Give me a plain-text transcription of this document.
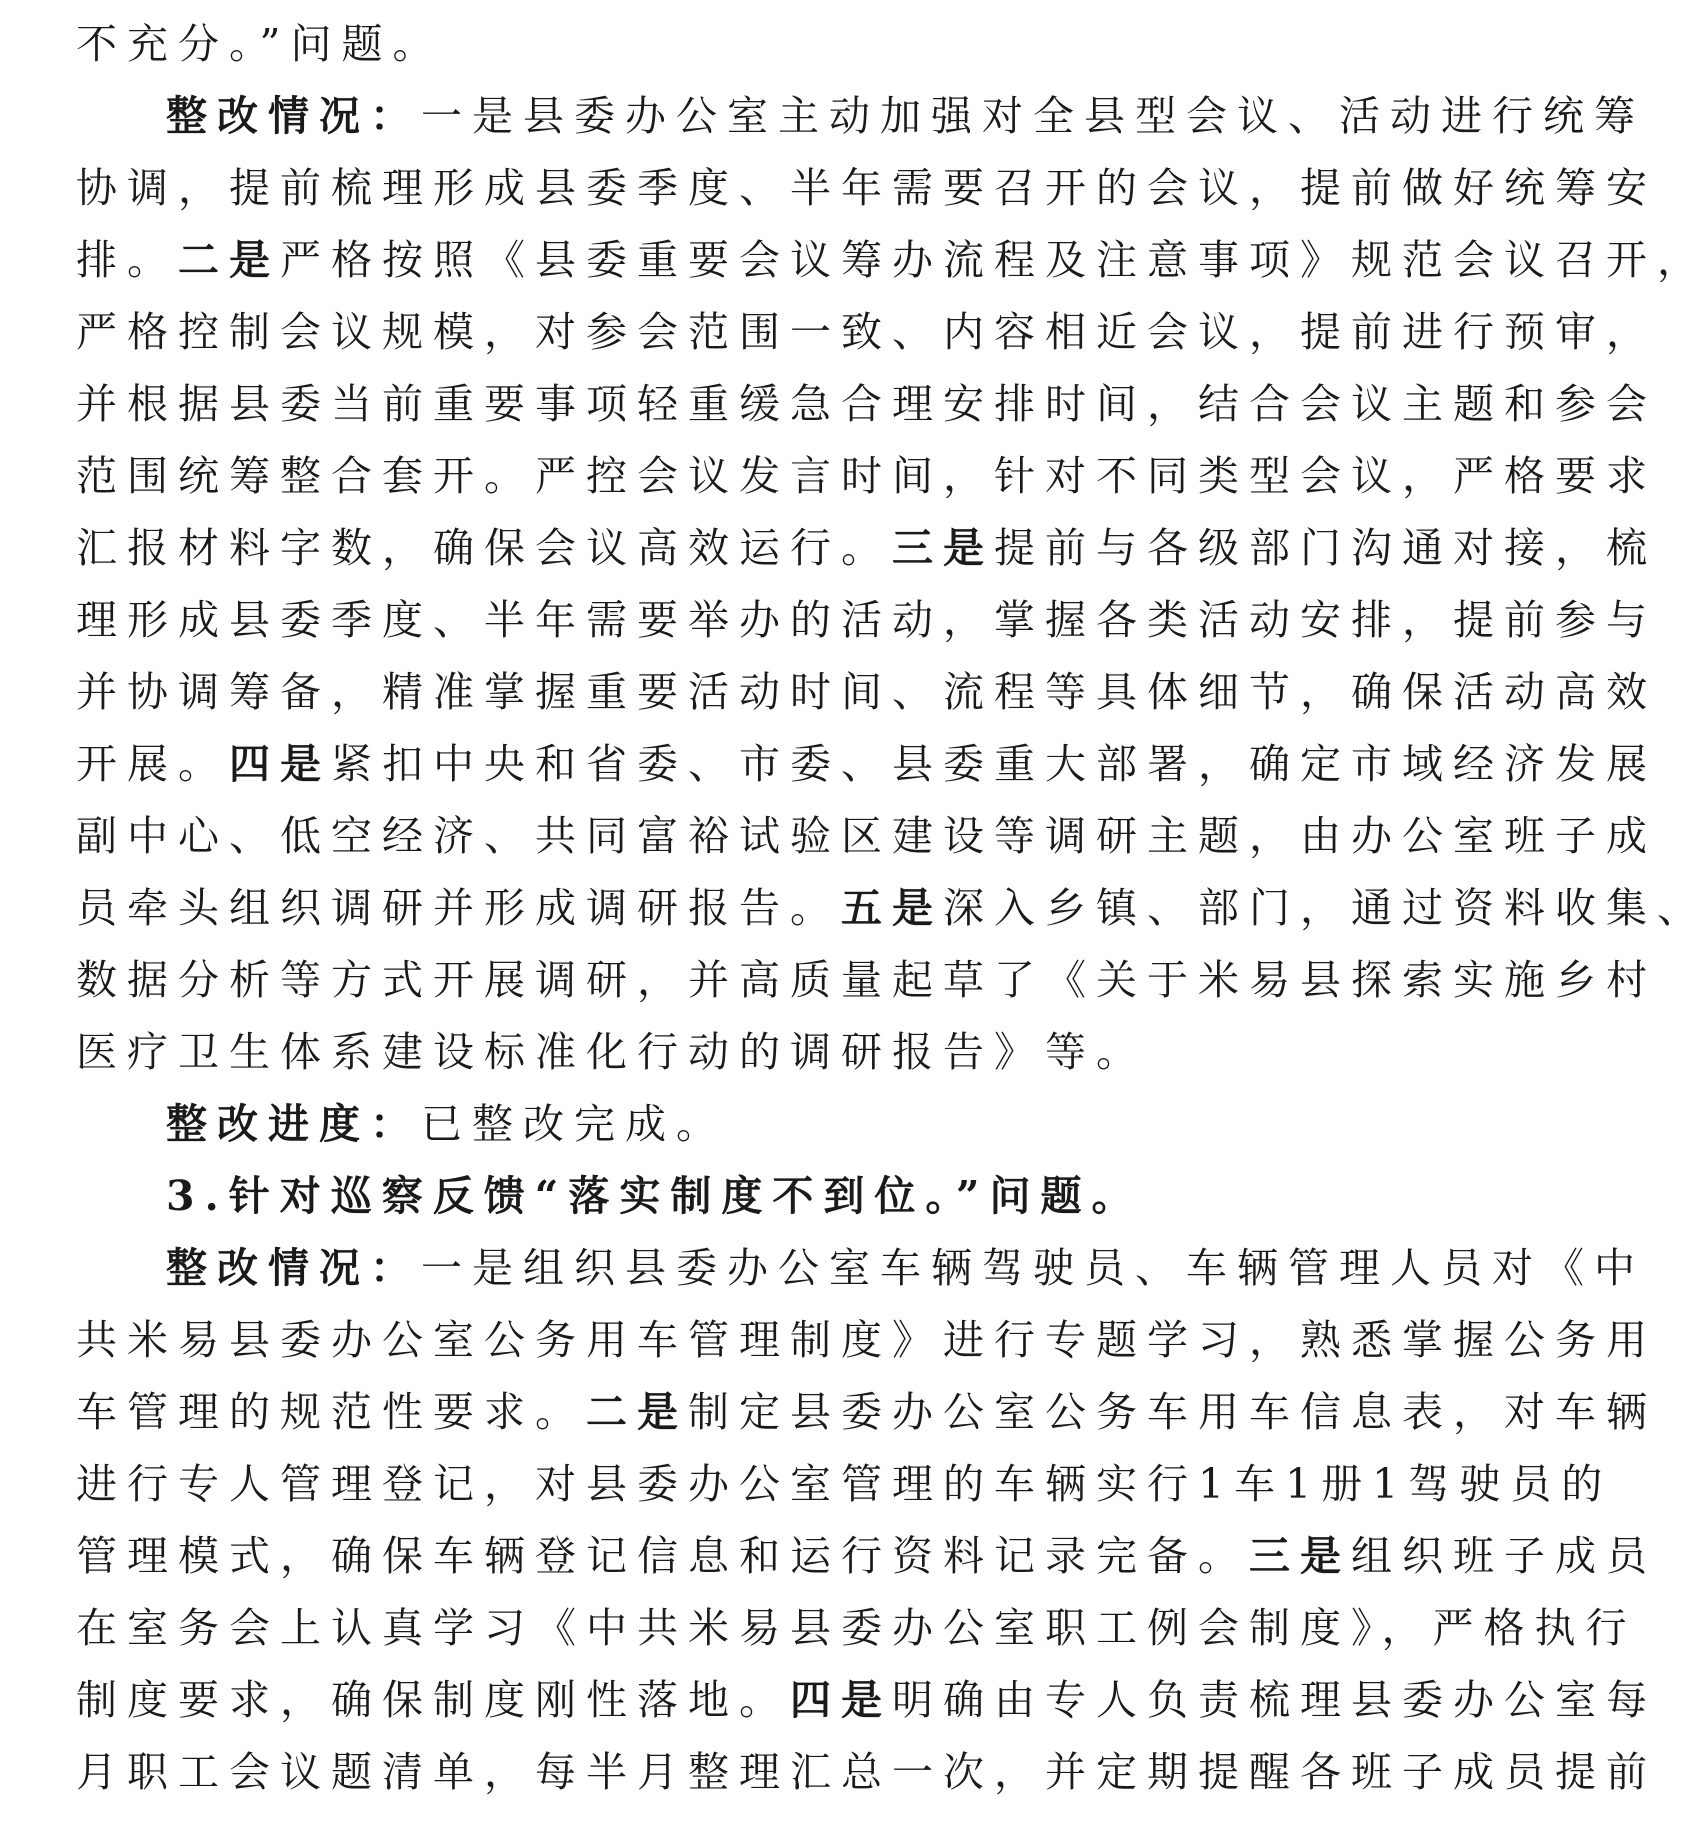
不充分。”问题。
整改情况：一是县委办公室主动加强对全县型会议、活动进行统筹
协调，提前梳理形成县委季度、半年需要召开的会议，提前做好统筹安
排。二是严格按照《县委重要会议筹办流程及注意事项》规范会议召开，
严格控制会议规模，对参会范围一致、内容相近会议，提前进行预审，
并根据县委当前重要事项轻重缓急合理安排时间，结合会议主题和参会
范围统筹整合套开。严控会议发言时间，针对不同类型会议，严格要求
汇报材料字数，确保会议高效运行。三是提前与各级部门沟通对接，梳
理形成县委季度、半年需要举办的活动，掌握各类活动安排，提前参与
并协调筹备，精准掌握重要活动时间、流程等具体细节，确保活动高效
开展。四是紧扣中央和省委、市委、县委重大部署，确定市域经济发展
副中心、低空经济、共同富裕试验区建设等调研主题，由办公室班子成
员牵头组织调研并形成调研报告。五是深入乡镇、部门，通过资料收集、
数据分析等方式开展调研，并高质量起草了《关于米易县探索实施乡村
医疗卫生体系建设标准化行动的调研报告》等。
整改进度：已整改完成。
3.针对巡察反馈“落实制度不到位。”问题。
整改情况：一是组织县委办公室车辆驾驶员、车辆管理人员对《中
共米易县委办公室公务用车管理制度》进行专题学习，熟悉掌握公务用
车管理的规范性要求。二是制定县委办公室公务车用车信息表，对车辆
进行专人管理登记，对县委办公室管理的车辆实行1车1册1驾驶员的
管理模式，确保车辆登记信息和运行资料记录完备。三是组织班子成员
在室务会上认真学习《中共米易县委办公室职工例会制度》，严格执行
制度要求，确保制度刚性落地。四是明确由专人负责梳理县委办公室每
月职工会议题清单，每半月整理汇总一次，并定期提醒各班子成员提前
